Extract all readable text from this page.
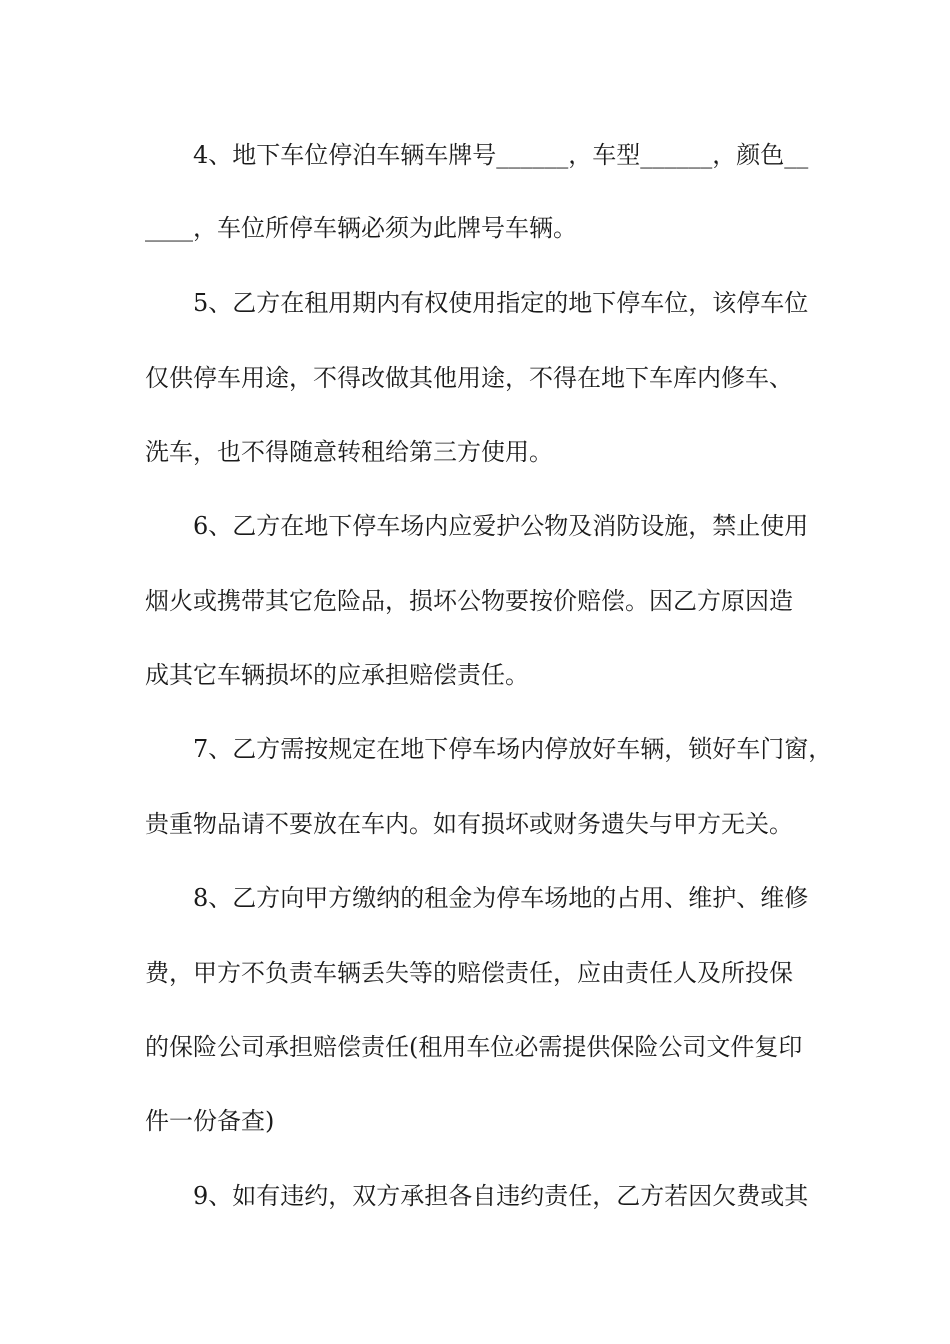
4、地下车位停泊车辆车牌号______，车型______，颜色__
____，车位所停车辆必须为此牌号车辆。
5、乙方在租用期内有权使用指定的地下停车位，该停车位
仅供停车用途，不得改做其他用途，不得在地下车库内修车、
洗车，也不得随意转租给第三方使用。
6、乙方在地下停车场内应爱护公物及消防设施，禁止使用
烟火或携带其它危险品，损坏公物要按价赔偿。因乙方原因造
成其它车辆损坏的应承担赔偿责任。
7、乙方需按规定在地下停车场内停放好车辆，锁好车门窗，
贵重物品请不要放在车内。如有损坏或财务遗失与甲方无关。
8、乙方向甲方缴纳的租金为停车场地的占用、维护、维修
费，甲方不负责车辆丢失等的赔偿责任，应由责任人及所投保
的保险公司承担赔偿责任(租用车位必需提供保险公司文件复印
件一份备查)
9、如有违约，双方承担各自违约责任，乙方若因欠费或其
